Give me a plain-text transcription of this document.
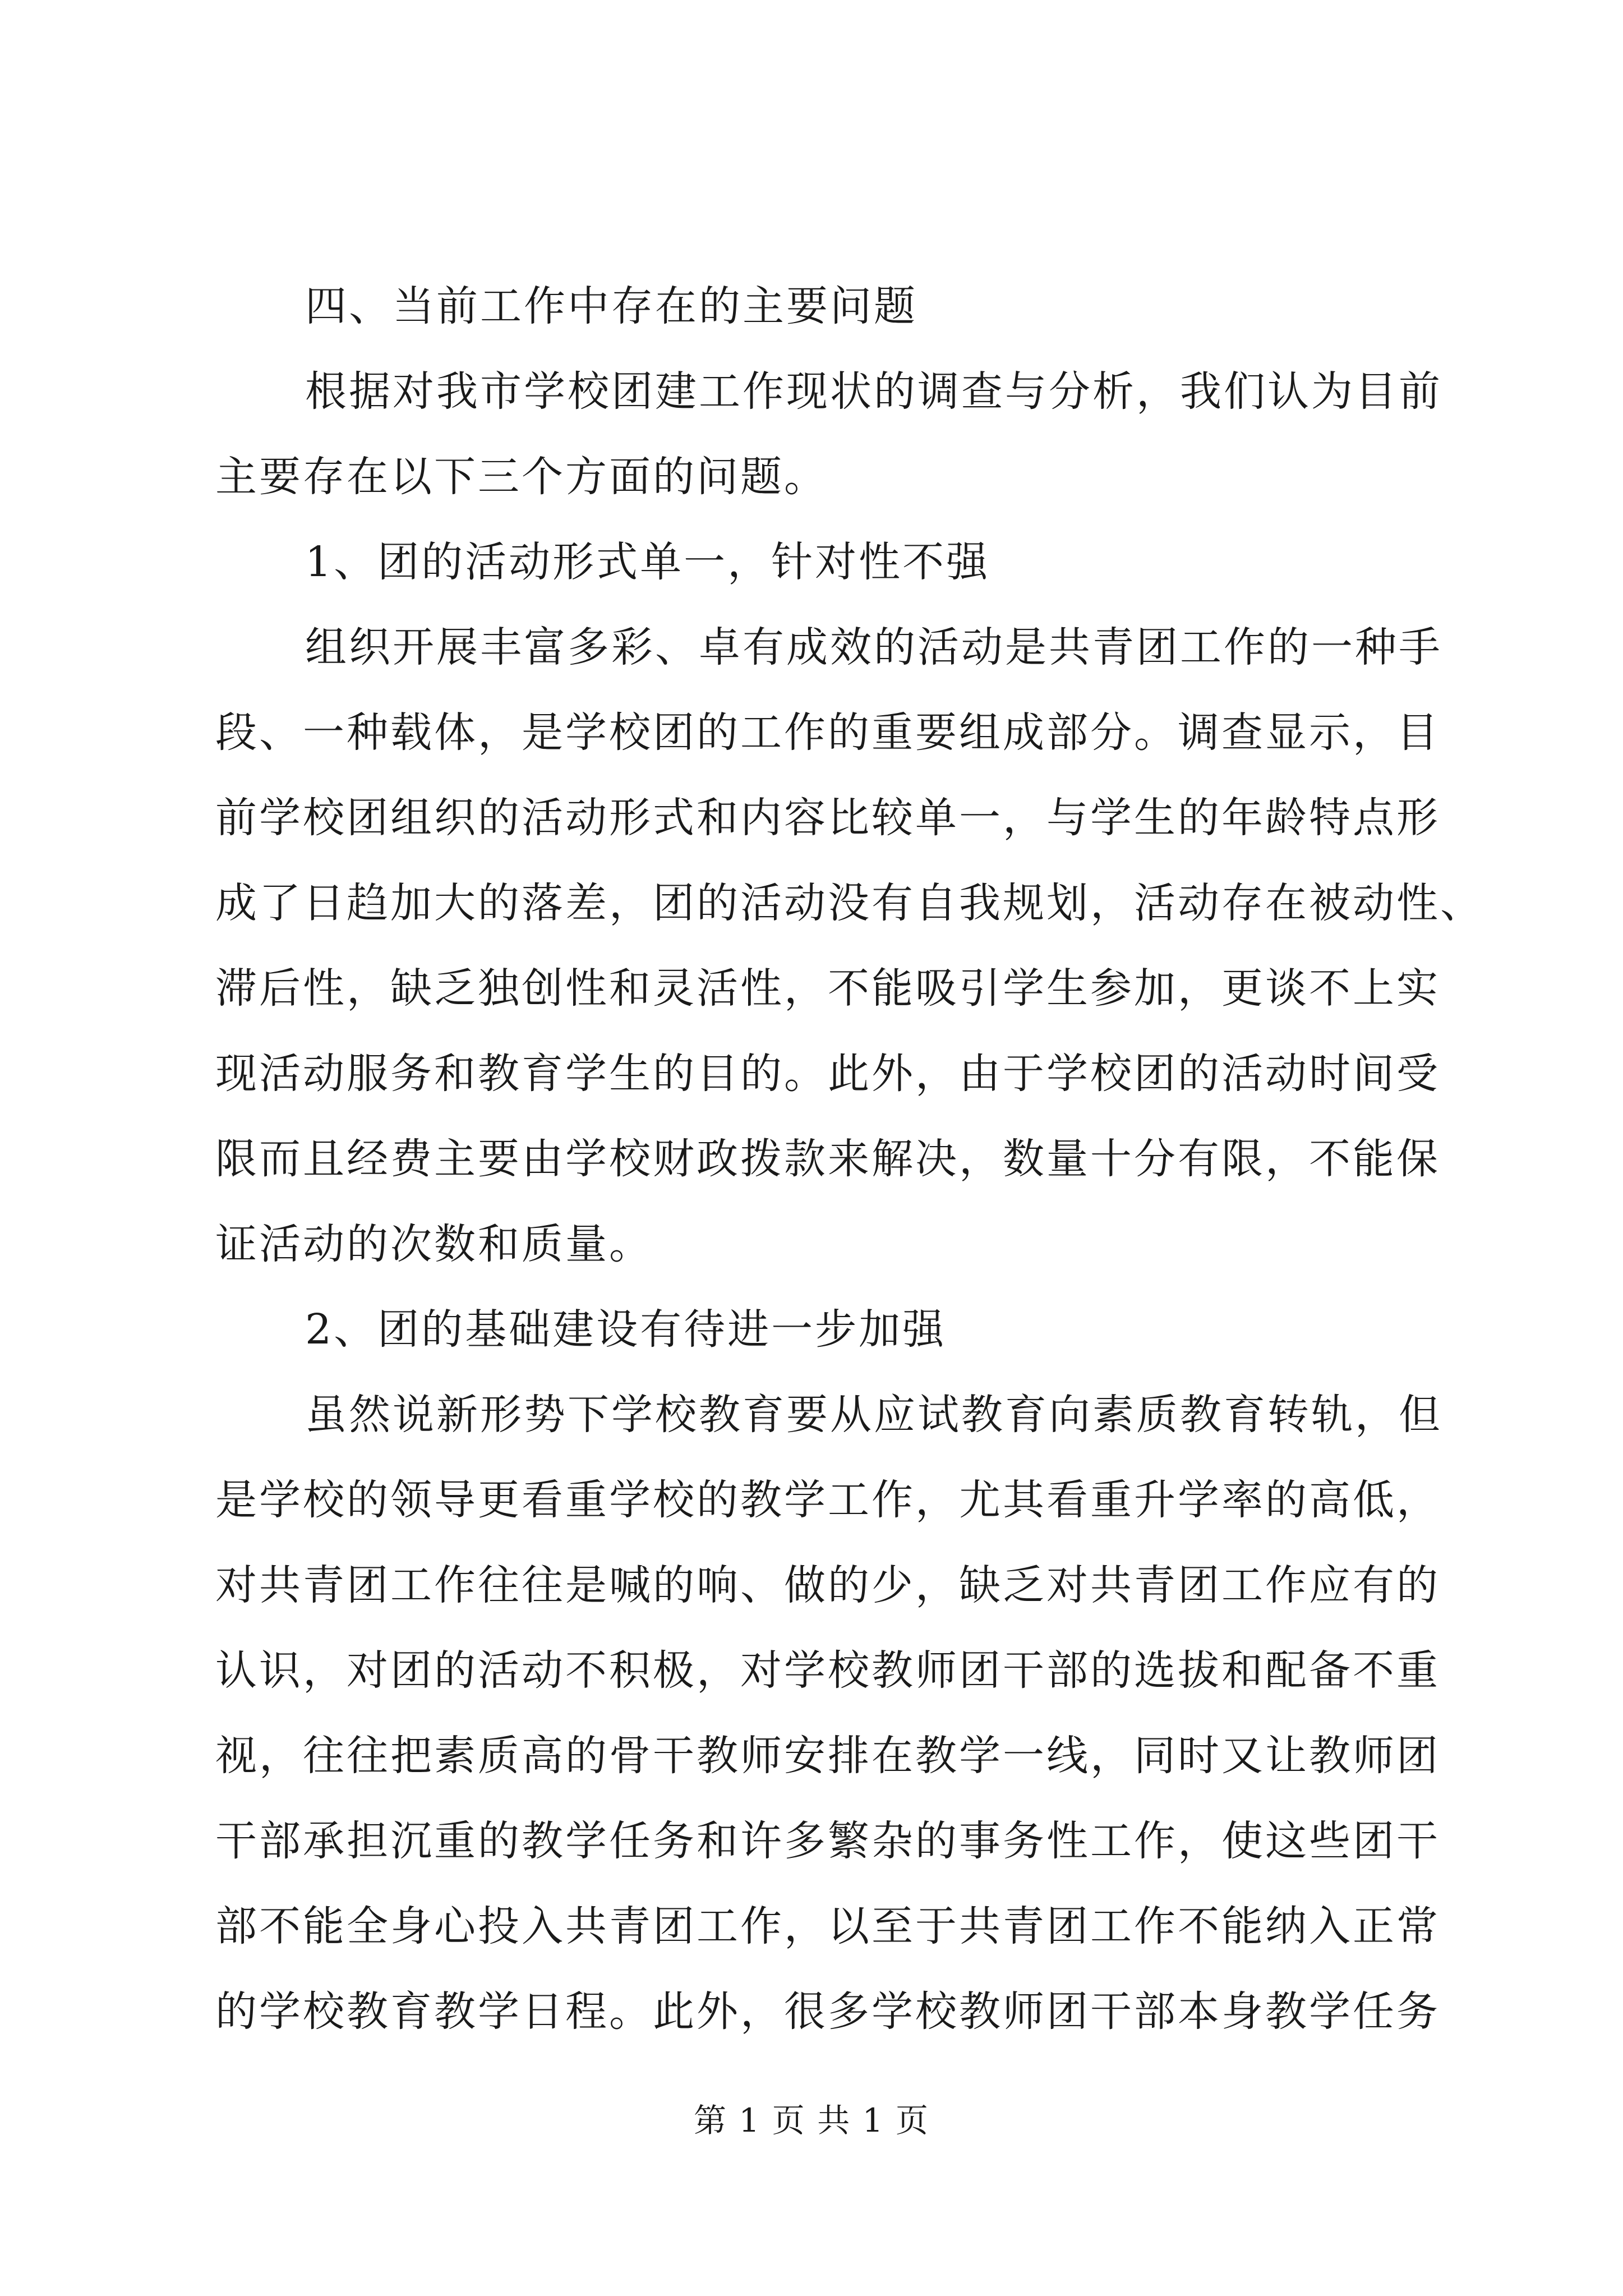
四、当前工作中存在的主要问题
根据对我市学校团建工作现状的调查与分析，我们认为目前
主要存在以下三个方面的问题。
1、团的活动形式单一，针对性不强
组织开展丰富多彩、卓有成效的活动是共青团工作的一种手
段、一种载体，是学校团的工作的重要组成部分。调查显示，目
前学校团组织的活动形式和内容比较单一，与学生的年龄特点形
成了日趋加大的落差，团的活动没有自我规划，活动存在被动性、
滞后性，缺乏独创性和灵活性，不能吸引学生参加，更谈不上实
现活动服务和教育学生的目的。此外，由于学校团的活动时间受
限而且经费主要由学校财政拨款来解决，数量十分有限，不能保
证活动的次数和质量。
2、团的基础建设有待进一步加强
虽然说新形势下学校教育要从应试教育向素质教育转轨，但
是学校的领导更看重学校的教学工作，尤其看重升学率的高低，
对共青团工作往往是喊的响、做的少，缺乏对共青团工作应有的
认识，对团的活动不积极，对学校教师团干部的选拔和配备不重
视，往往把素质高的骨干教师安排在教学一线，同时又让教师团
干部承担沉重的教学任务和许多繁杂的事务性工作，使这些团干
部不能全身心投入共青团工作，以至于共青团工作不能纳入正常
的学校教育教学日程。此外，很多学校教师团干部本身教学任务
第 1 页 共 1 页
